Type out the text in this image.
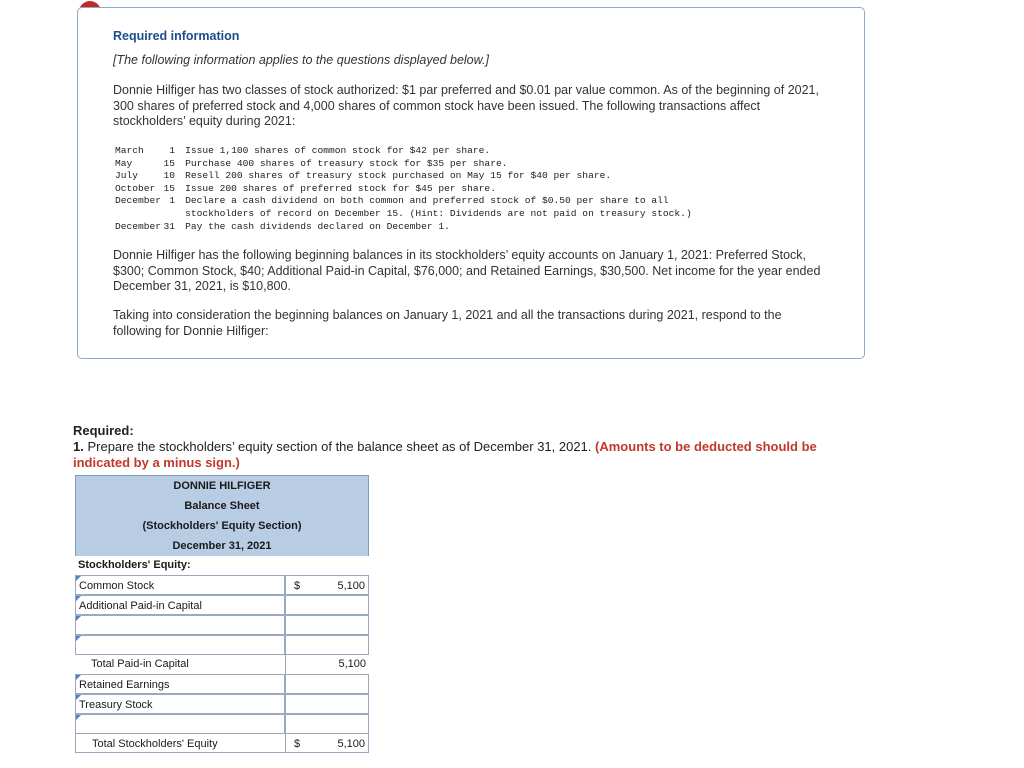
Required information
[The following information applies to the questions displayed below.]
Donnie Hilfiger has two classes of stock authorized: $1 par preferred and $0.01 par value common. As of the beginning of 2021, 300 shares of preferred stock and 4,000 shares of common stock have been issued. The following transactions affect stockholders’ equity during 2021:
March	1	Issue 1,100 shares of common stock for $42 per share.
May	15	Purchase 400 shares of treasury stock for $35 per share.
July	10	Resell 200 shares of treasury stock purchased on May 15 for $40 per share.
October	15	Issue 200 shares of preferred stock for $45 per share.
December	1	Declare a cash dividend on both common and preferred stock of $0.50 per share to all
		stockholders of record on December 15. (Hint: Dividends are not paid on treasury stock.)
December	31	Pay the cash dividends declared on December 1.
Donnie Hilfiger has the following beginning balances in its stockholders’ equity accounts on January 1, 2021: Preferred Stock, $300; Common Stock, $40; Additional Paid-in Capital, $76,000; and Retained Earnings, $30,500. Net income for the year ended December 31, 2021, is $10,800.
Taking into consideration the beginning balances on January 1, 2021 and all the transactions during 2021, respond to the following for Donnie Hilfiger:
Required:
1. Prepare the stockholders’ equity section of the balance sheet as of December 31, 2021. (Amounts to be deducted should be indicated by a minus sign.)
DONNIE HILFIGER
Balance Sheet
(Stockholders' Equity Section)
December 31, 2021
Stockholders' Equity:
Common Stock	$	5,100
Additional Paid-in Capital
Total Paid-in Capital	5,100
Retained Earnings
Treasury Stock
Total Stockholders' Equity	$	5,100
